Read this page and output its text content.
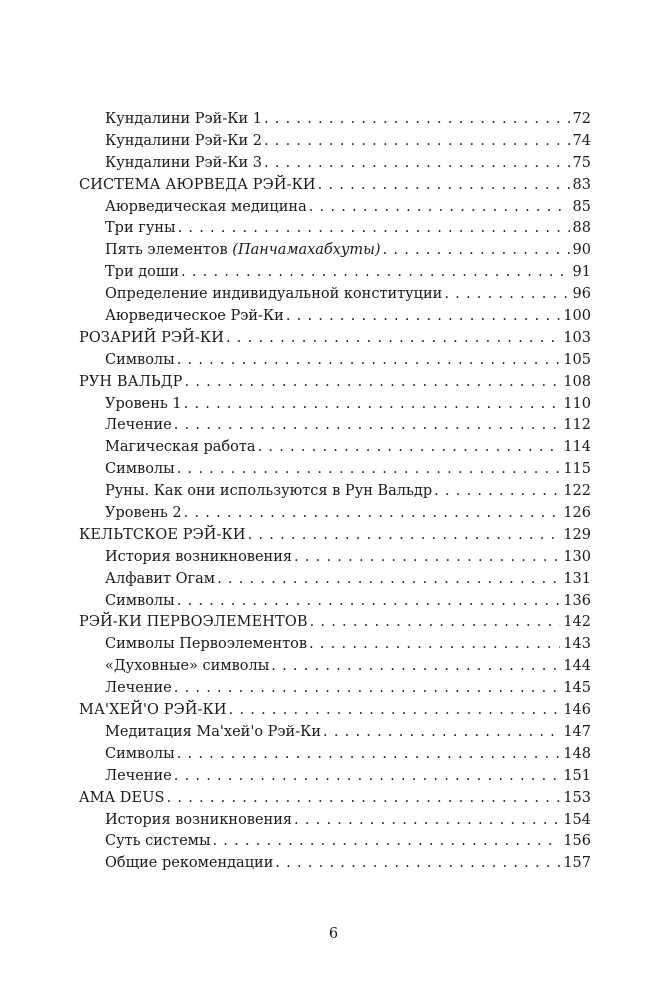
Кундалини Рэй-Ки 1 . . .	72
Кундалини Рэй-Ки 2 . . .	74
Кундалини Рэй-Ки 3 . . .	75
СИСТЕМА АЮРВЕДА РЭЙ-КИ . . .	83
Аюрведическая медицина . . .	85
Три гуны . . .	88
Пять элементов (Панчамахабхуты) . . .	90
Три доши . . .	91
Определение индивидуальной конституции . . .	96
Аюрведическое Рэй-Ки . . .	100
РОЗАРИЙ РЭЙ-КИ . . .	103
Символы . . .	105
РУН ВАЛЬДР . . .	108
Уровень 1 . . .	110
Лечение . . .	112
Магическая работа . . .	114
Символы . . .	115
Руны. Как они используются в Рун Вальдр . . .	122
Уровень 2 . . .	126
КЕЛЬТСКОЕ РЭЙ-КИ . . .	129
История возникновения . . .	130
Алфавит Огам . . .	131
Символы . . .	136
РЭЙ-КИ ПЕРВОЭЛЕМЕНТОВ . . .	142
Символы Первоэлементов . . .	143
«Духовные» символы . . .	144
Лечение . . .	145
МА'ХЕЙ'О РЭЙ-КИ . . .	146
Медитация Ма'хей'о Рэй-Ки . . .	147
Символы . . .	148
Лечение . . .	151
AMA DEUS . . .	153
История возникновения . . .	154
Суть системы . . .	156
Общие рекомендации . . .	157
6
